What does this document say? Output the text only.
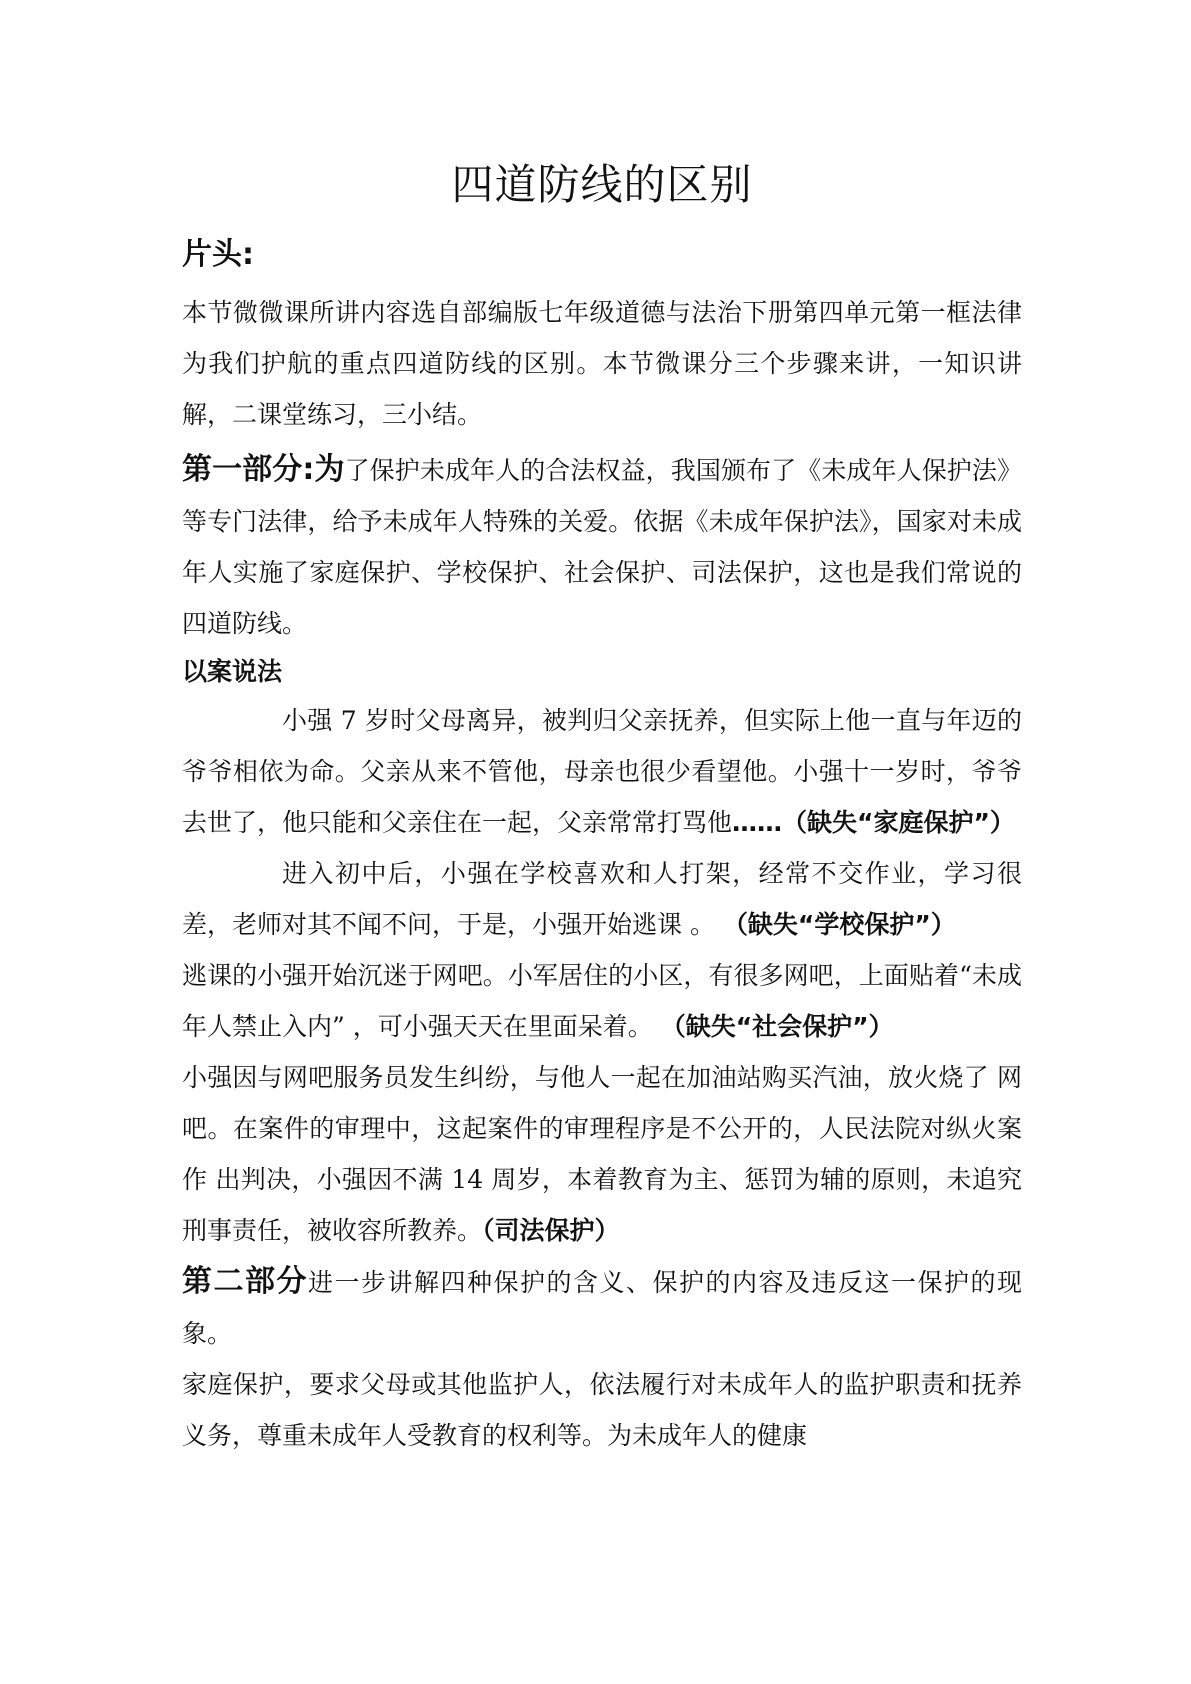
四道防线的区别
片头:

本节微微课所讲内容选自部编版七年级道德与法治下册第四单元第一框法律为我们护航的重点四道防线的区别。本节微课分三个步骤来讲，一知识讲解，二课堂练习，三小结。

第一部分:为了保护未成年人的合法权益，我国颁布了《未成年人保护法》等专门法律，给予未成年人特殊的关爱。依据《未成年保护法》，国家对未成年人实施了家庭保护、学校保护、社会保护、司法保护，这也是我们常说的四道防线。

以案说法

小强 7 岁时父母离异，被判归父亲抚养，但实际上他一直与年迈的爷爷相依为命。父亲从来不管他，母亲也很少看望他。小强十一岁时，爷爷去世了，他只能和父亲住在一起，父亲常常打骂他……（缺失“家庭保护”）

进入初中后，小强在学校喜欢和人打架，经常不交作业，学习很差，老师对其不闻不问，于是，小强开始逃课 。 （缺失“学校保护”）

逃课的小强开始沉迷于网吧。小军居住的小区，有很多网吧，上面贴着“未成年人禁止入内” ，可小强天天在里面呆着。 （缺失“社会保护”）

小强因与网吧服务员发生纠纷，与他人一起在加油站购买汽油，放火烧了 网吧。在案件的审理中，这起案件的审理程序是不公开的，人民法院对纵火案作 出判决，小强因不满 14 周岁，本着教育为主、惩罚为辅的原则，未追究刑事责任，被收容所教养。（司法保护）

第二部分进一步讲解四种保护的含义、保护的内容及违反这一保护的现象。

家庭保护，要求父母或其他监护人，依法履行对未成年人的监护职责和抚养义务，尊重未成年人受教育的权利等。为未成年人的健康
